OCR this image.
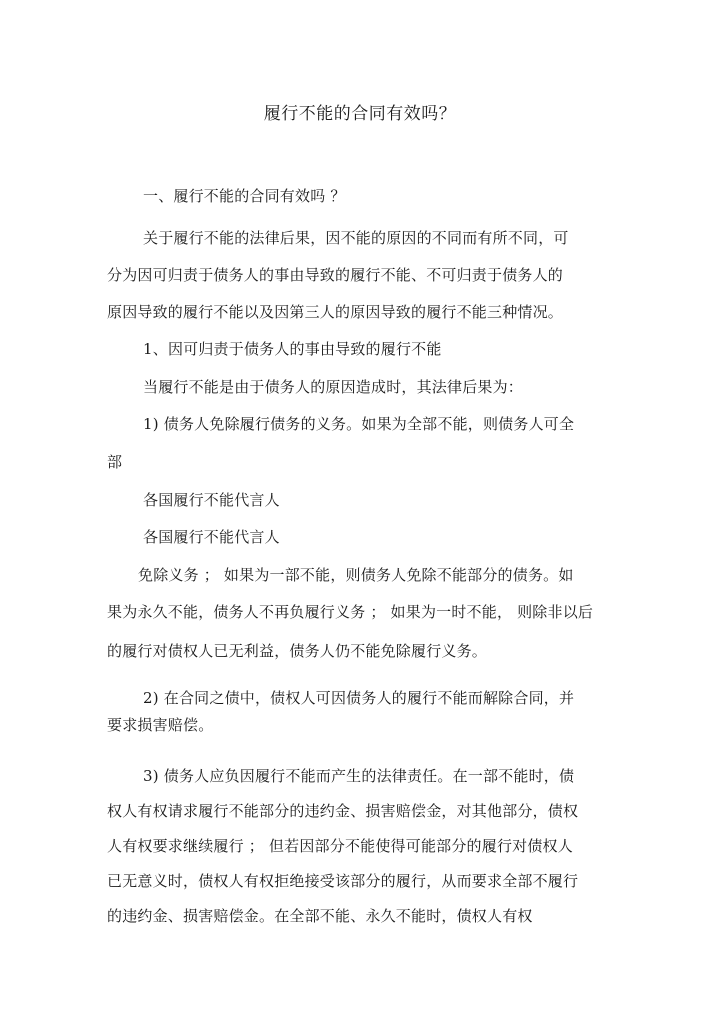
履行不能的合同有效吗？
一、履行不能的合同有效吗 ？
关于履行不能的法律后果，因不能的原因的不同而有所不同，可
分为因可归责于债务人的事由导致的履行不能、不可归责于债务人的
原因导致的履行不能以及因第三人的原因导致的履行不能三种情况。
1、因可归责于债务人的事由导致的履行不能
当履行不能是由于债务人的原因造成时，其法律后果为：
1) 债务人免除履行债务的义务。如果为全部不能，则债务人可全
部
各国履行不能代言人
各国履行不能代言人
免除义务 ； 如果为一部不能，则债务人免除不能部分的债务。如
果为永久不能，债务人不再负履行义务 ； 如果为一时不能， 则除非以后
的履行对债权人已无利益，债务人仍不能免除履行义务。
2) 在合同之债中，债权人可因债务人的履行不能而解除合同，并
要求损害赔偿。
3) 债务人应负因履行不能而产生的法律责任。在一部不能时，债
权人有权请求履行不能部分的违约金、损害赔偿金，对其他部分，债权
人有权要求继续履行 ； 但若因部分不能使得可能部分的履行对债权人
已无意义时，债权人有权拒绝接受该部分的履行，从而要求全部不履行
的违约金、损害赔偿金。在全部不能、永久不能时，债权人有权
